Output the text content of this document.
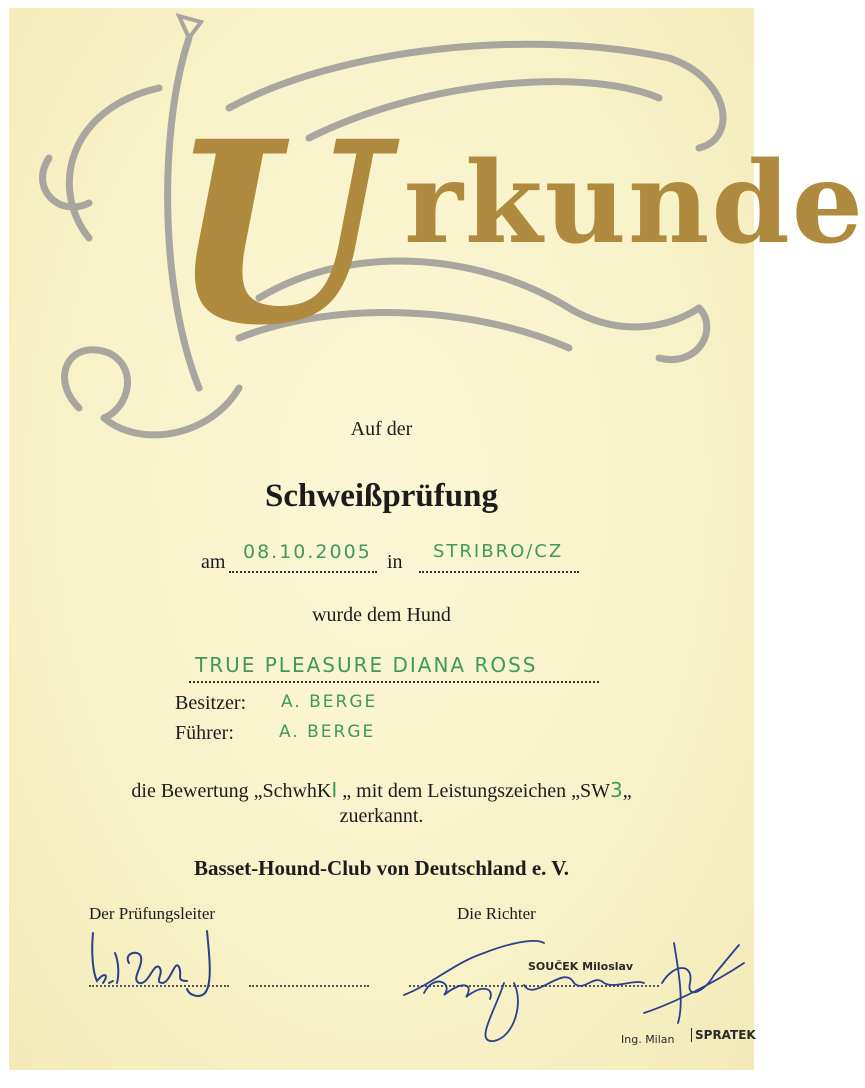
U rkunde
Auf der
Schweißprüfung
am 08.10.2005 in STRIBRO/CZ
wurde dem Hund
TRUE PLEASURE DIANA ROSS
Besitzer: A. BERGE
Führer:	A. BERGE
die Bewertung „SchwhKI „ mit dem Leistungszeichen „SW3„
zuerkannt.
Basset-Hound-Club von Deutschland e. V.
Der Prüfungsleiter	Die Richter
SOUČEK Miloslav
Ing. Milan	SPRATEK
